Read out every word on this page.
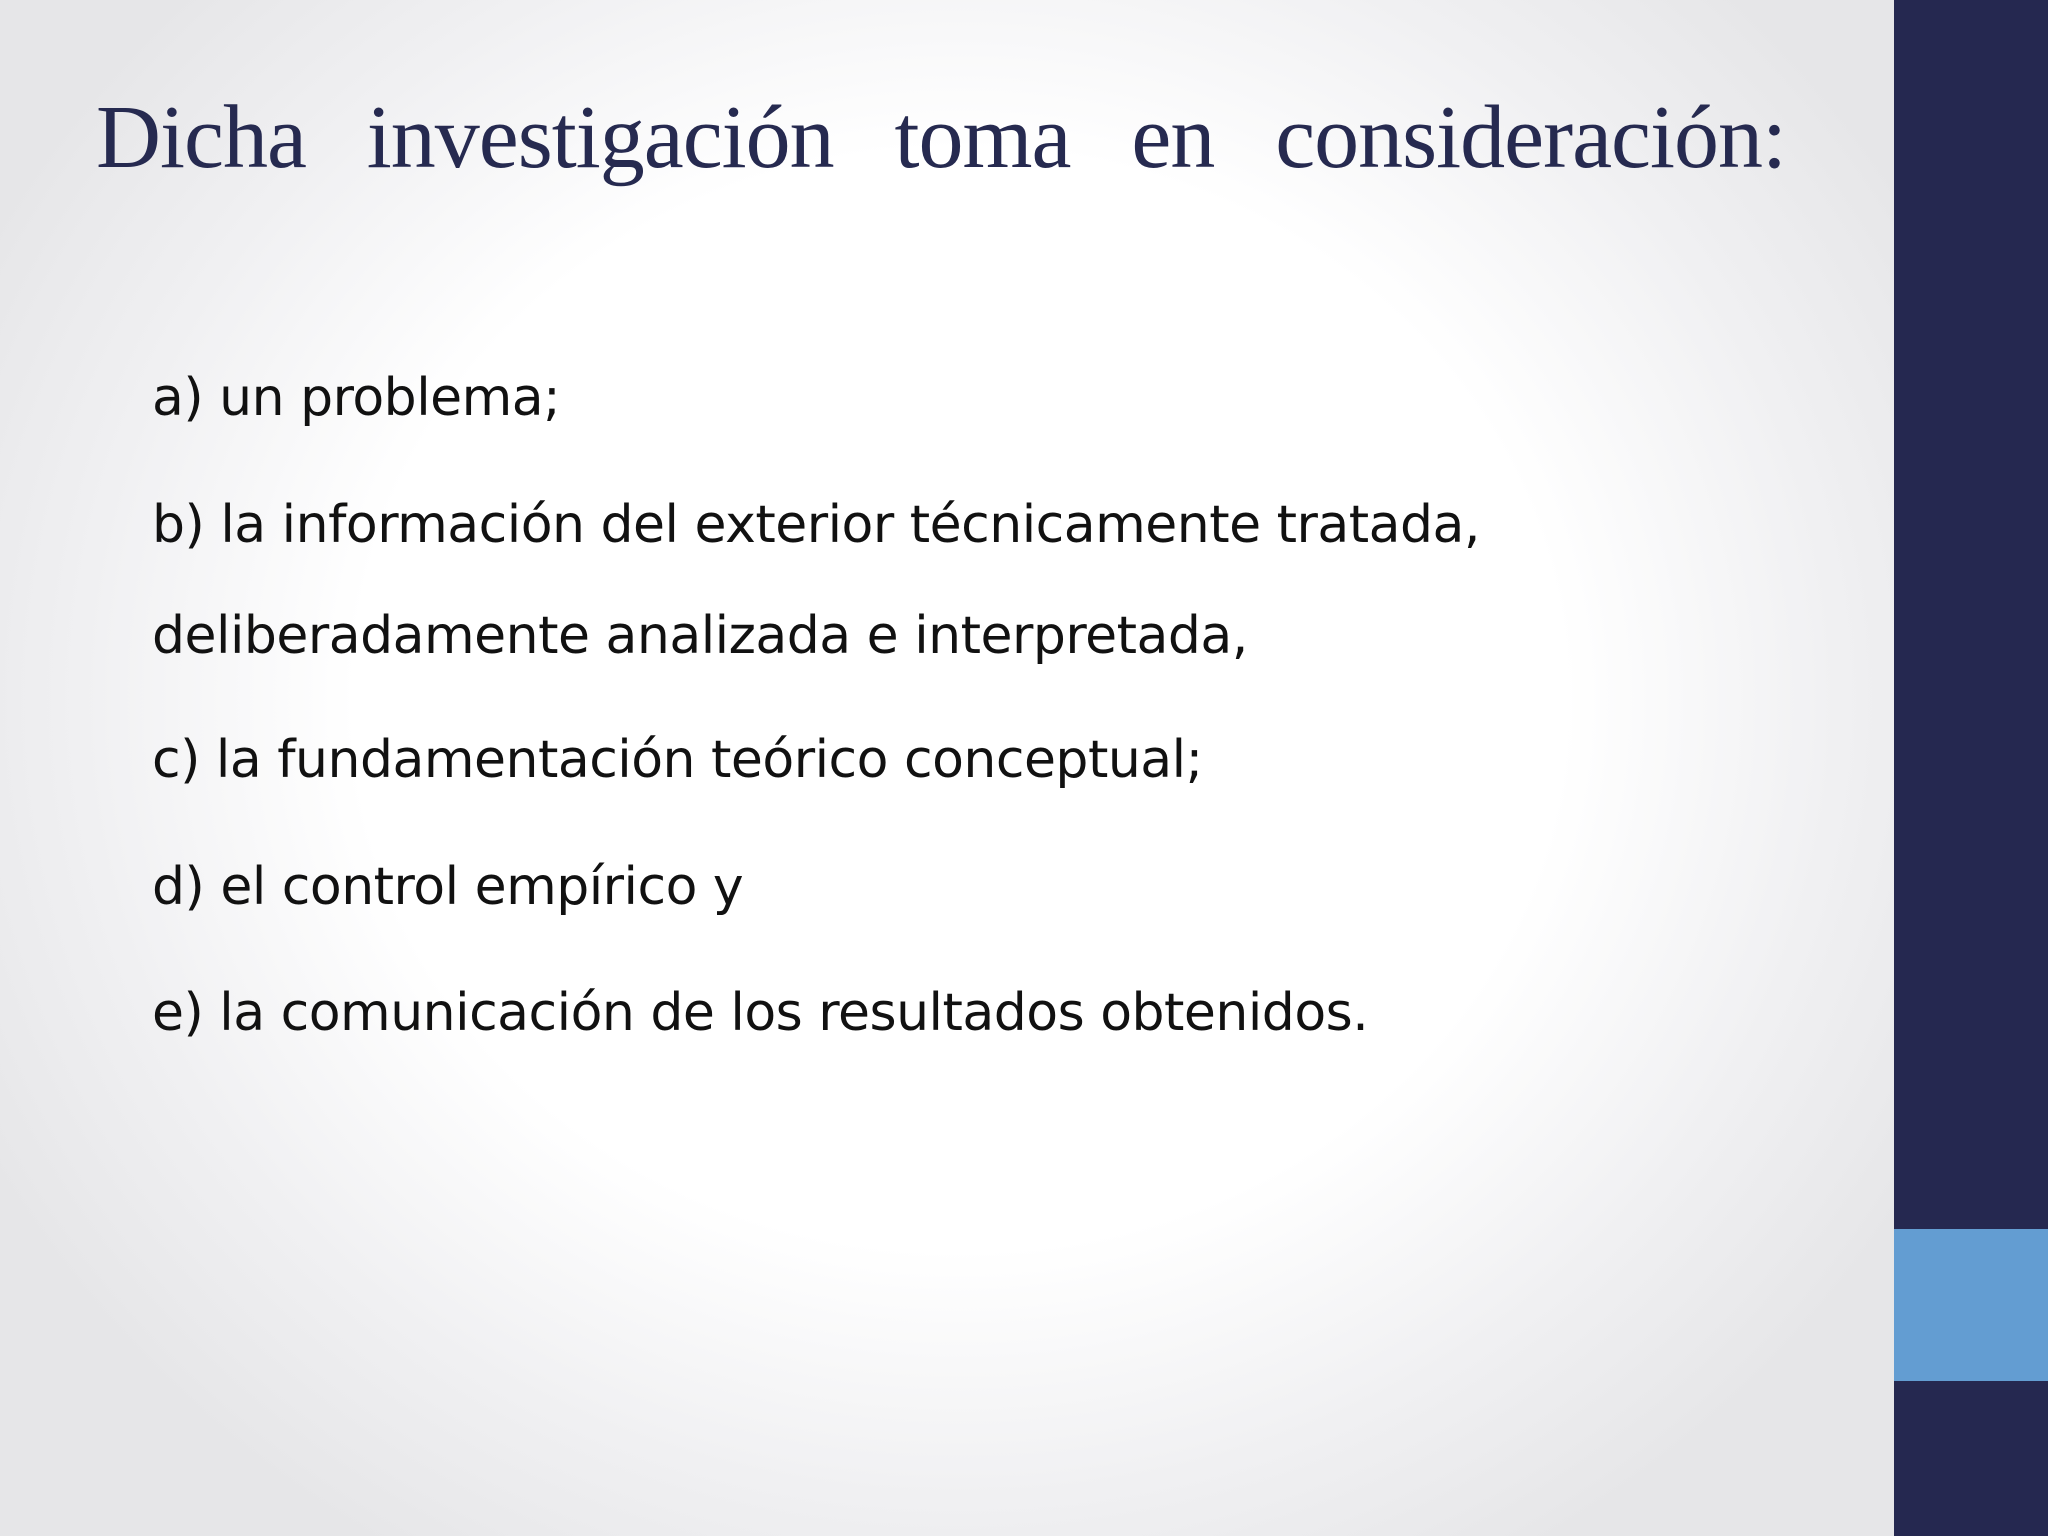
Dicha investigación toma en consideración:
a) un problema;
b) la información del exterior técnicamente tratada,
deliberadamente analizada e interpretada,
c) la fundamentación teórico conceptual;
d) el control empírico y
e) la comunicación de los resultados obtenidos.
